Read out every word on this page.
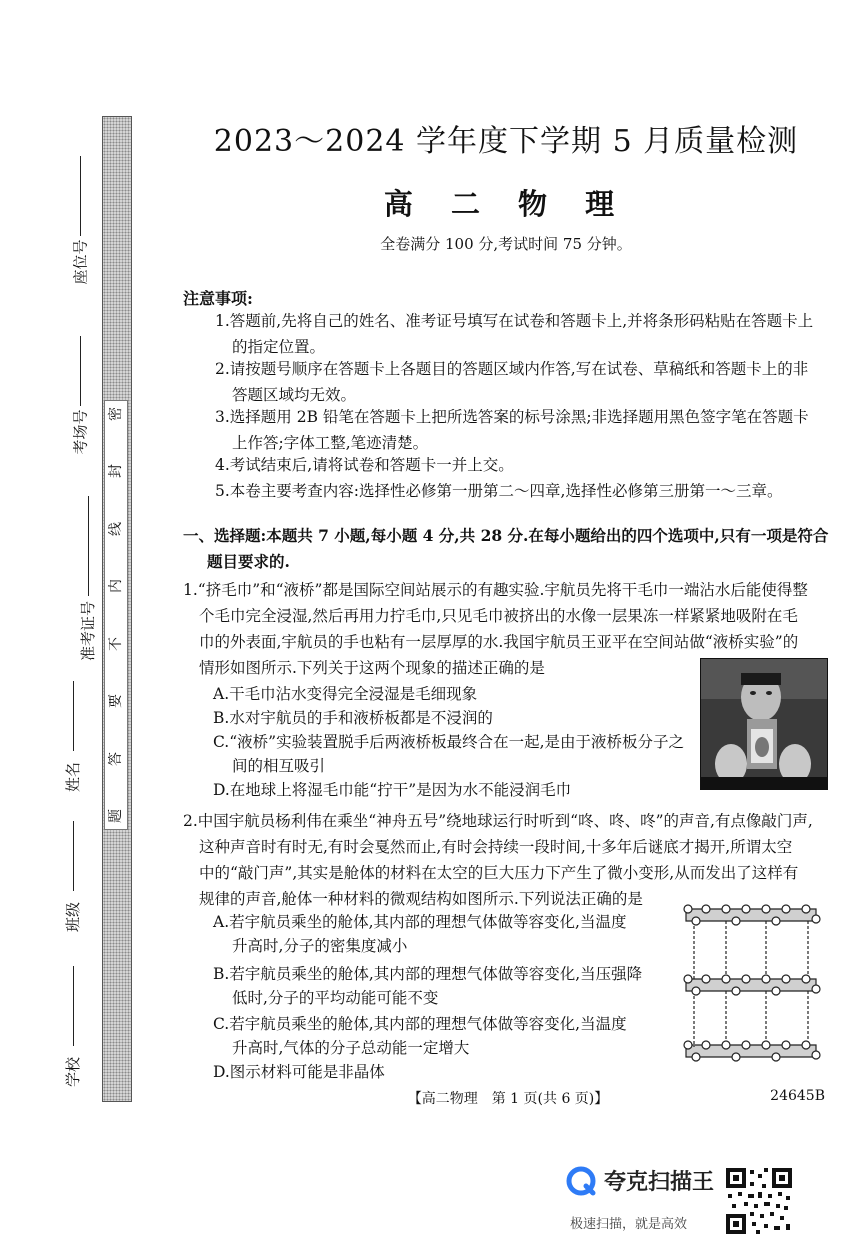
密
封
线
内
不
要
答
题
座位号
考场号
准考证号
姓名
班级
学校
2023～2024 学年度下学期 5 月质量检测
高 二 物 理
全卷满分 100 分,考试时间 75 分钟。
注意事项:
1.答题前,先将自己的姓名、准考证号填写在试卷和答题卡上,并将条形码粘贴在答题卡上
的指定位置。
2.请按题号顺序在答题卡上各题目的答题区域内作答,写在试卷、草稿纸和答题卡上的非
答题区域均无效。
3.选择题用 2B 铅笔在答题卡上把所选答案的标号涂黑;非选择题用黑色签字笔在答题卡
上作答;字体工整,笔迹清楚。
4.考试结束后,请将试卷和答题卡一并上交。
5.本卷主要考查内容:选择性必修第一册第二～四章,选择性必修第三册第一～三章。
一、选择题:本题共 7 小题,每小题 4 分,共 28 分.在每小题给出的四个选项中,只有一项是符合
题目要求的.
1.“挤毛巾”和“液桥”都是国际空间站展示的有趣实验.宇航员先将干毛巾一端沾水后能使得整
个毛巾完全浸湿,然后再用力拧毛巾,只见毛巾被挤出的水像一层果冻一样紧紧地吸附在毛
巾的外表面,宇航员的手也粘有一层厚厚的水.我国宇航员王亚平在空间站做“液桥实验”的
情形如图所示.下列关于这两个现象的描述正确的是
A.干毛巾沾水变得完全浸湿是毛细现象
B.水对宇航员的手和液桥板都是不浸润的
C.“液桥”实验装置脱手后两液桥板最终合在一起,是由于液桥板分子之
间的相互吸引
D.在地球上将湿毛巾能“拧干”是因为水不能浸润毛巾
2.中国宇航员杨利伟在乘坐“神舟五号”绕地球运行时听到“咚、咚、咚”的声音,有点像敲门声,
这种声音时有时无,有时会戛然而止,有时会持续一段时间,十多年后谜底才揭开,所谓太空
中的“敲门声”,其实是舱体的材料在太空的巨大压力下产生了微小变形,从而发出了这样有
规律的声音,舱体一种材料的微观结构如图所示.下列说法正确的是
A.若宇航员乘坐的舱体,其内部的理想气体做等容变化,当温度
升高时,分子的密集度减小
B.若宇航员乘坐的舱体,其内部的理想气体做等容变化,当压强降
低时,分子的平均动能可能不变
C.若宇航员乘坐的舱体,其内部的理想气体做等容变化,当温度
升高时,气体的分子总动能一定增大
D.图示材料可能是非晶体
【高二物理　第 1 页(共 6 页)】	24645B
夸克扫描王
极速扫描，就是高效
